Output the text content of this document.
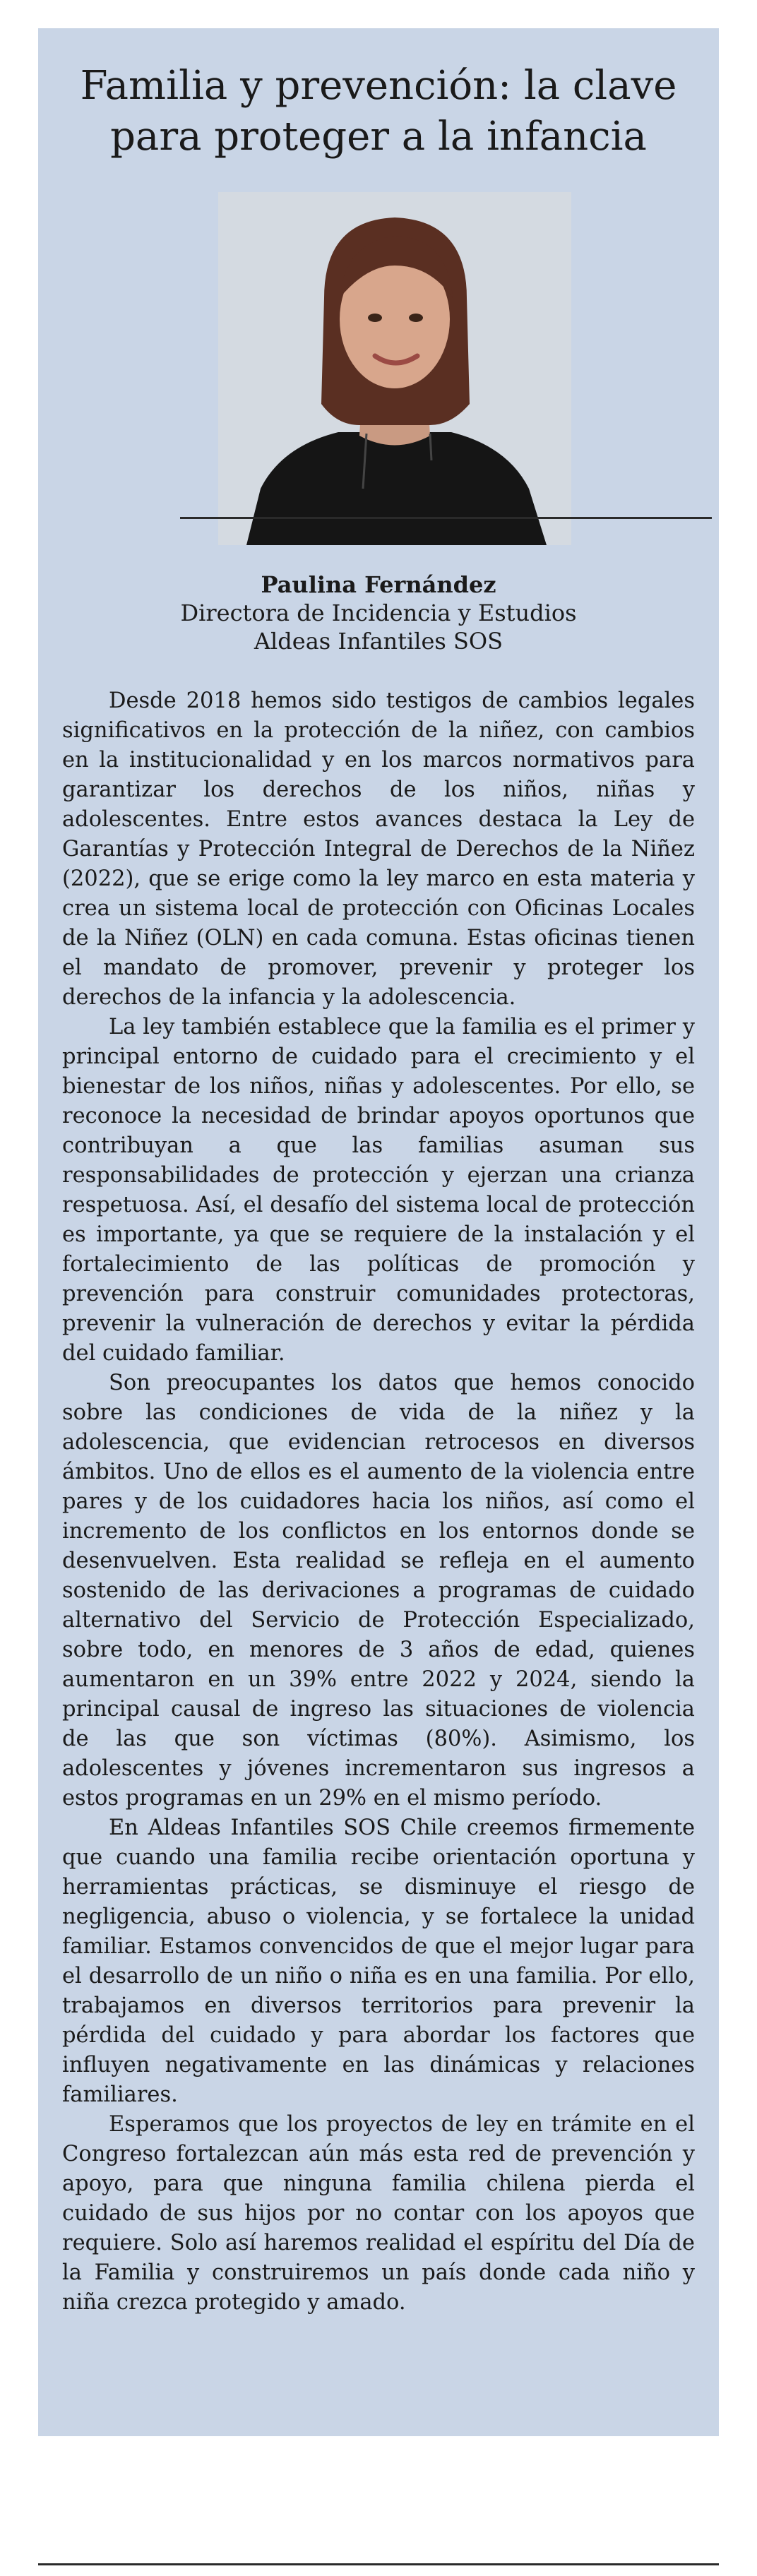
Familia y prevención: la clave para proteger a la infancia
Paulina Fernández
Directora de Incidencia y Estudios
Aldeas Infantiles SOS

Desde 2018 hemos sido testigos de cambios legales significativos en la protección de la niñez, con cambios en la institucionalidad y en los marcos normativos para garantizar los derechos de los niños, niñas y adolescentes. Entre estos avances destaca la Ley de Garantías y Protección Integral de Derechos de la Niñez (2022), que se erige como la ley marco en esta materia y crea un sistema local de protección con Oficinas Locales de la Niñez (OLN) en cada comuna. Estas oficinas tienen el mandato de promover, prevenir y proteger los derechos de la infancia y la adolescencia.

La ley también establece que la familia es el primer y principal entorno de cuidado para el crecimiento y el bienestar de los niños, niñas y adolescentes. Por ello, se reconoce la necesidad de brindar apoyos oportunos que contribuyan a que las familias asuman sus responsabilidades de protección y ejerzan una crianza respetuosa. Así, el desafío del sistema local de protección es importante, ya que se requiere de la instalación y el fortalecimiento de las políticas de promoción y prevención para construir comunidades protectoras, prevenir la vulneración de derechos y evitar la pérdida del cuidado familiar.

Son preocupantes los datos que hemos conocido sobre las condiciones de vida de la niñez y la adolescencia, que evidencian retrocesos en diversos ámbitos. Uno de ellos es el aumento de la violencia entre pares y de los cuidadores hacia los niños, así como el incremento de los conflictos en los entornos donde se desenvuelven. Esta realidad se refleja en el aumento sostenido de las derivaciones a programas de cuidado alternativo del Servicio de Protección Especializado, sobre todo, en menores de 3 años de edad, quienes aumentaron en un 39% entre 2022 y 2024, siendo la principal causal de ingreso las situaciones de violencia de las que son víctimas (80%). Asimismo, los adolescentes y jóvenes incrementaron sus ingresos a estos programas en un 29% en el mismo período.

En Aldeas Infantiles SOS Chile creemos firmemente que cuando una familia recibe orientación oportuna y herramientas prácticas, se disminuye el riesgo de negligencia, abuso o violencia, y se fortalece la unidad familiar. Estamos convencidos de que el mejor lugar para el desarrollo de un niño o niña es en una familia. Por ello, trabajamos en diversos territorios para prevenir la pérdida del cuidado y para abordar los factores que influyen negativamente en las dinámicas y relaciones familiares.

Esperamos que los proyectos de ley en trámite en el Congreso fortalezcan aún más esta red de prevención y apoyo, para que ninguna familia chilena pierda el cuidado de sus hijos por no contar con los apoyos que requiere. Solo así haremos realidad el espíritu del Día de la Familia y construiremos un país donde cada niño y niña crezca protegido y amado.
